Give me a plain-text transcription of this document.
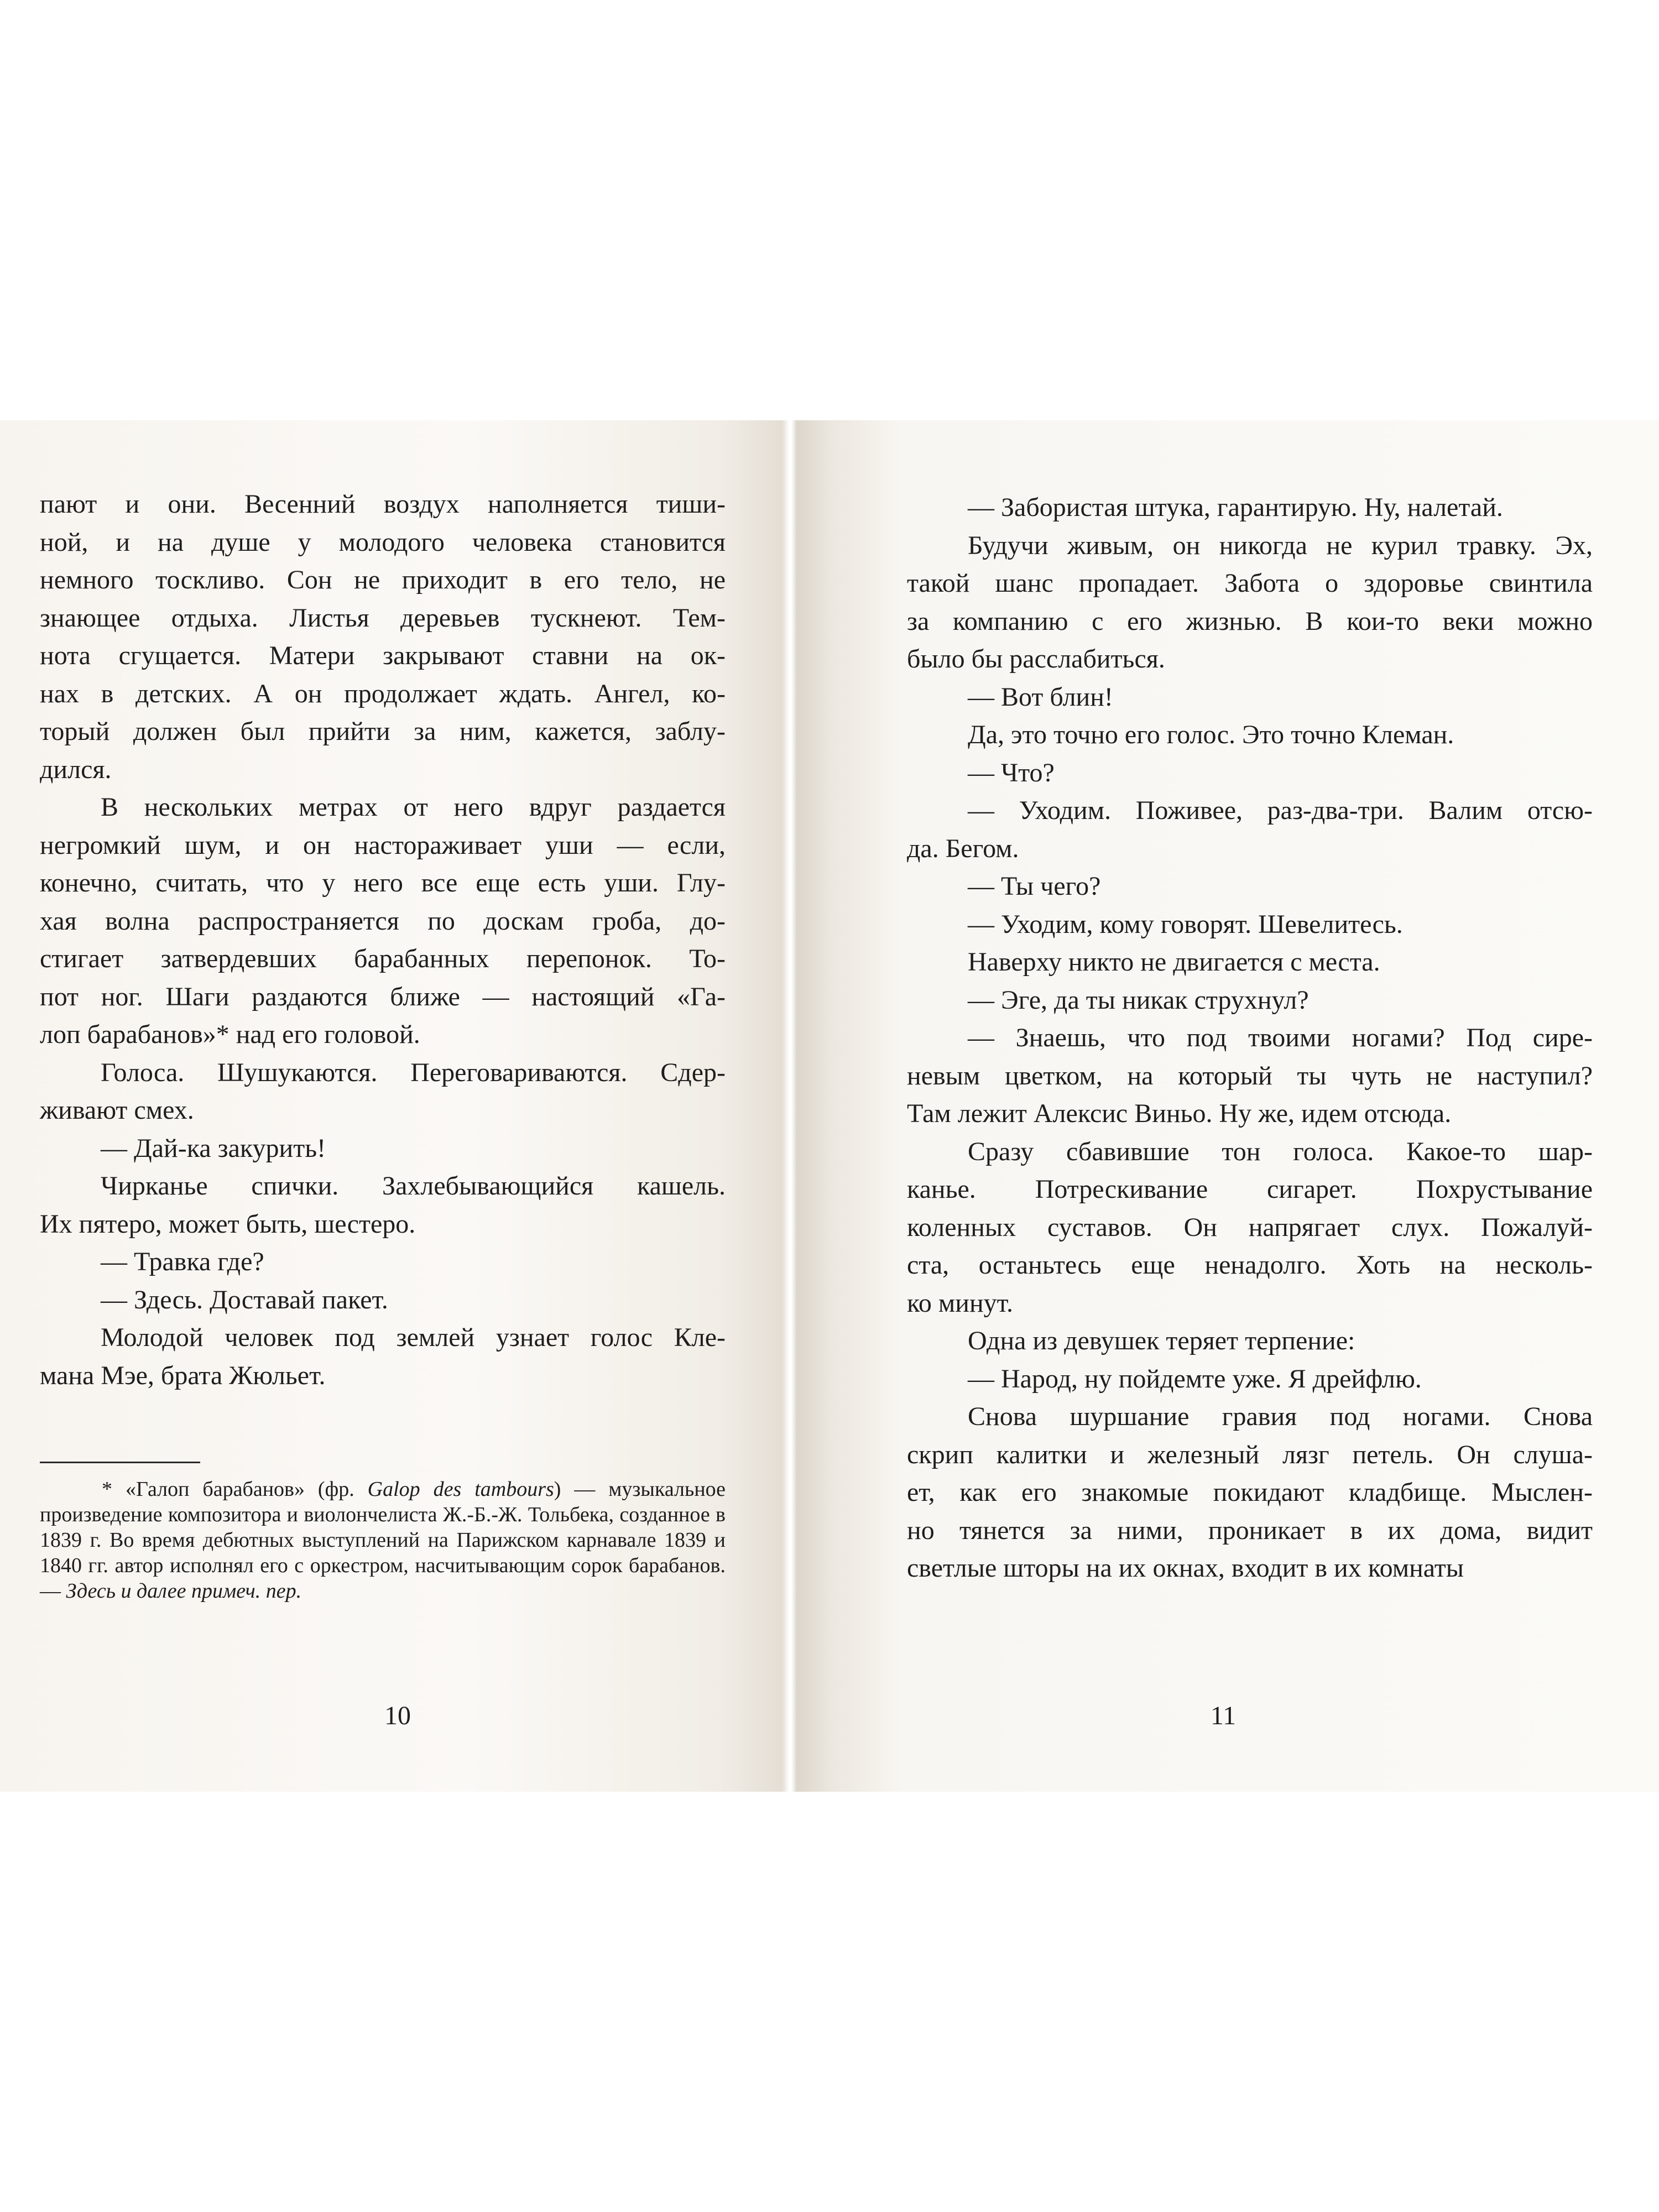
пают и они. Весенний воздух наполняется тиши-

ной, и на душе у молодого человека становится

немного тоскливо. Сон не приходит в его тело, не

знающее отдыха. Листья деревьев тускнеют. Тем-

нота сгущается. Матери закрывают ставни на ок-

нах в детских. А он продолжает ждать. Ангел, ко-

торый должен был прийти за ним, кажется, заблу-

дился.

В нескольких метрах от него вдруг раздается

негромкий шум, и он настораживает уши — если,

конечно, считать, что у него все еще есть уши. Глу-

хая волна распространяется по доскам гроба, до-

стигает затвердевших барабанных перепонок. То-

пот ног. Шаги раздаются ближе — настоящий «Га-

лоп барабанов»* над его головой.

Голоса. Шушукаются. Переговариваются. Сдер-

живают смех.

— Дай-ка закурить!

Чирканье спички. Захлебывающийся кашель.

Их пятеро, может быть, шестеро.

— Травка где?

— Здесь. Доставай пакет.

Молодой человек под землей узнает голос Кле-

мана Мэе, брата Жюльет.

* «Галоп барабанов» (фр. Galop des tambours) — музыкальное произведение композитора и виолончелиста Ж.-Б.-Ж. Тольбека, созданное в 1839 г. Во время дебютных выступлений на Парижском карнавале 1839 и 1840 гг. автор исполнял его с оркестром, насчитывающим сорок барабанов. — Здесь и далее примеч. пер.
10

— Забористая штука, гарантирую. Ну, налетай.

Будучи живым, он никогда не курил травку. Эх,

такой шанс пропадает. Забота о здоровье свинтила

за компанию с его жизнью. В кои-то веки можно

было бы расслабиться.

— Вот блин!

Да, это точно его голос. Это точно Клеман.

— Что?

— Уходим. Поживее, раз-два-три. Валим отсю-

да. Бегом.

— Ты чего?

— Уходим, кому говорят. Шевелитесь.

Наверху никто не двигается с места.

— Эге, да ты никак струхнул?

— Знаешь, что под твоими ногами? Под сире-

невым цветком, на который ты чуть не наступил?

Там лежит Алексис Виньо. Ну же, идем отсюда.

Сразу сбавившие тон голоса. Какое-то шар-

канье. Потрескивание сигарет. Похрустывание

коленных суставов. Он напрягает слух. Пожалуй-

ста, останьтесь еще ненадолго. Хоть на несколь-

ко минут.

Одна из девушек теряет терпение:

— Народ, ну пойдемте уже. Я дрейфлю.

Снова шуршание гравия под ногами. Снова

скрип калитки и железный лязг петель. Он слуша-

ет, как его знакомые покидают кладбище. Мыслен-

но тянется за ними, проникает в их дома, видит

светлые шторы на их окнах, входит в их комнаты

11
